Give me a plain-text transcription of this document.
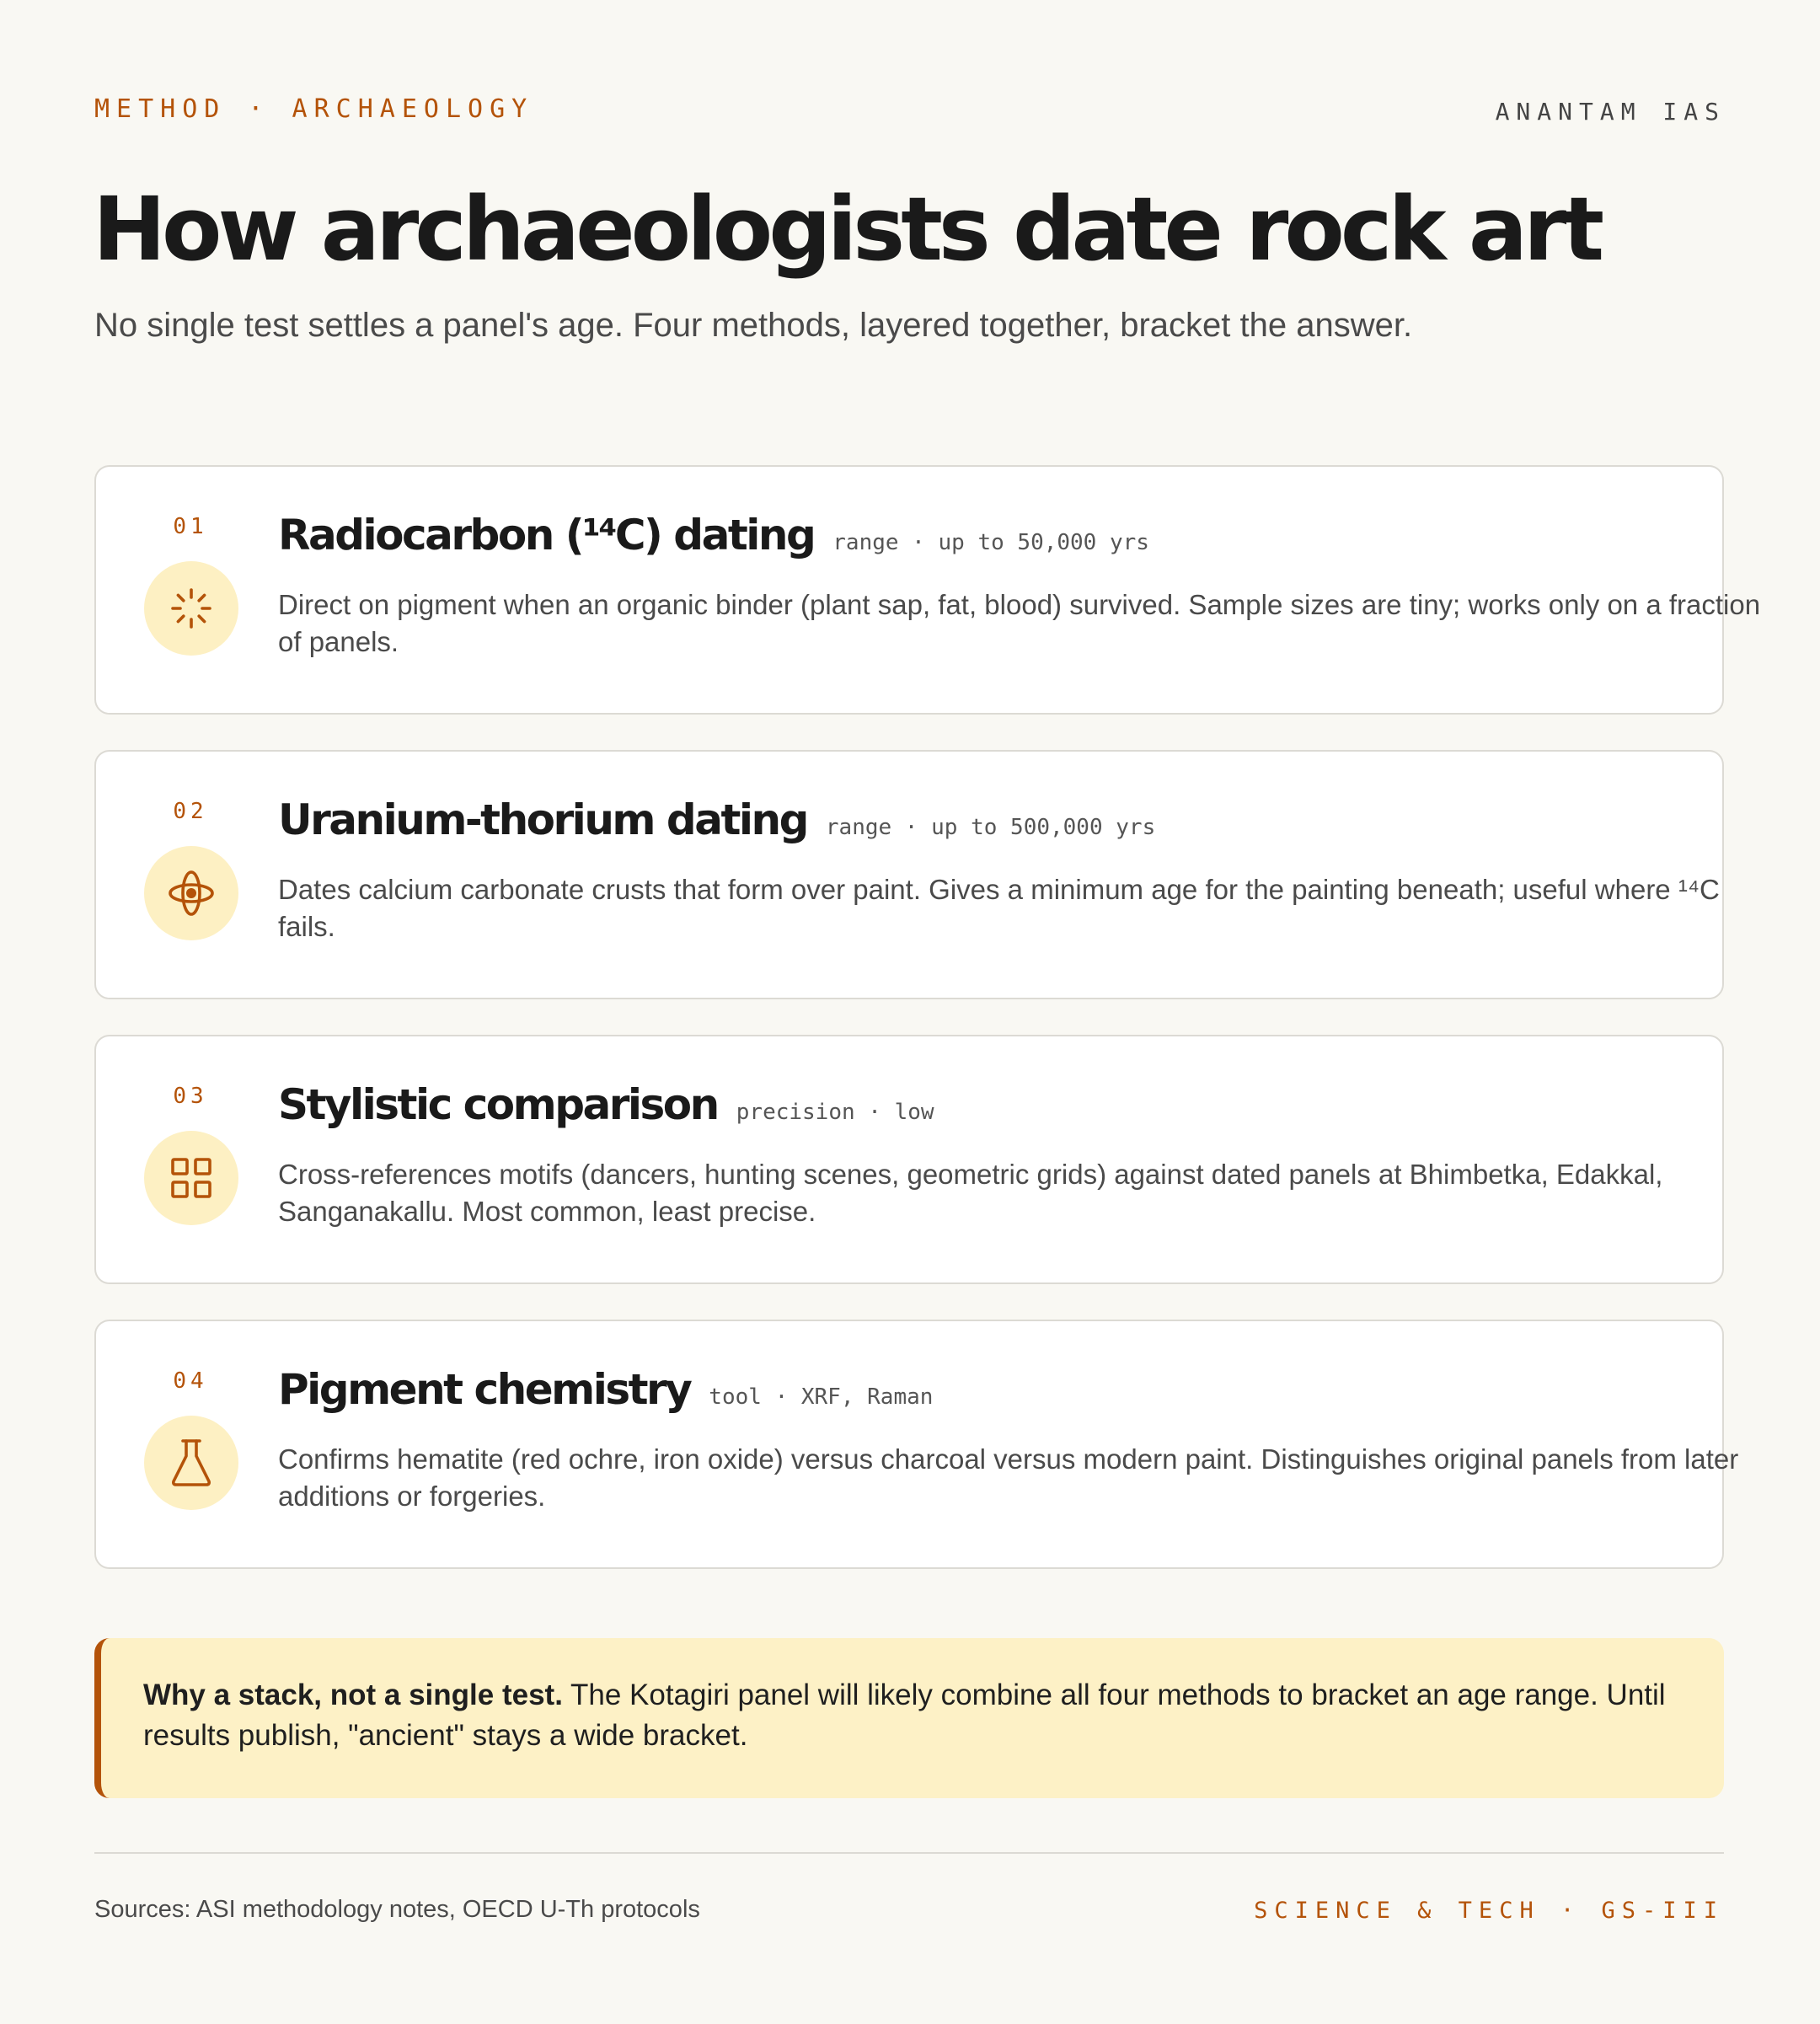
METHOD · ARCHAEOLOGY	ANANTAM IAS
How archaeologists date rock art

No single test settles a panel's age. Four methods, layered together, bracket the answer.

01	Radiocarbon (¹⁴C) dating range · up to 50,000 yrs

Direct on pigment when an organic binder (plant sap, fat, blood) survived. Sample sizes are tiny; works only on a fraction of panels.

02	Uranium-thorium dating range · up to 500,000 yrs

Dates calcium carbonate crusts that form over paint. Gives a minimum age for the painting beneath; useful where ¹⁴C fails.

03	Stylistic comparison precision · low

Cross-references motifs (dancers, hunting scenes, geometric grids) against dated panels at Bhimbetka, Edakkal, Sanganakallu. Most common, least precise.

04	Pigment chemistry tool · XRF, Raman

Confirms hematite (red ochre, iron oxide) versus charcoal versus modern paint. Distinguishes original panels from later additions or forgeries.

Why a stack, not a single test. The Kotagiri panel will likely combine all four methods to bracket an age range. Until results publish, "ancient" stays a wide bracket.
Sources: ASI methodology notes, OECD U-Th protocols	SCIENCE & TECH · GS-III
